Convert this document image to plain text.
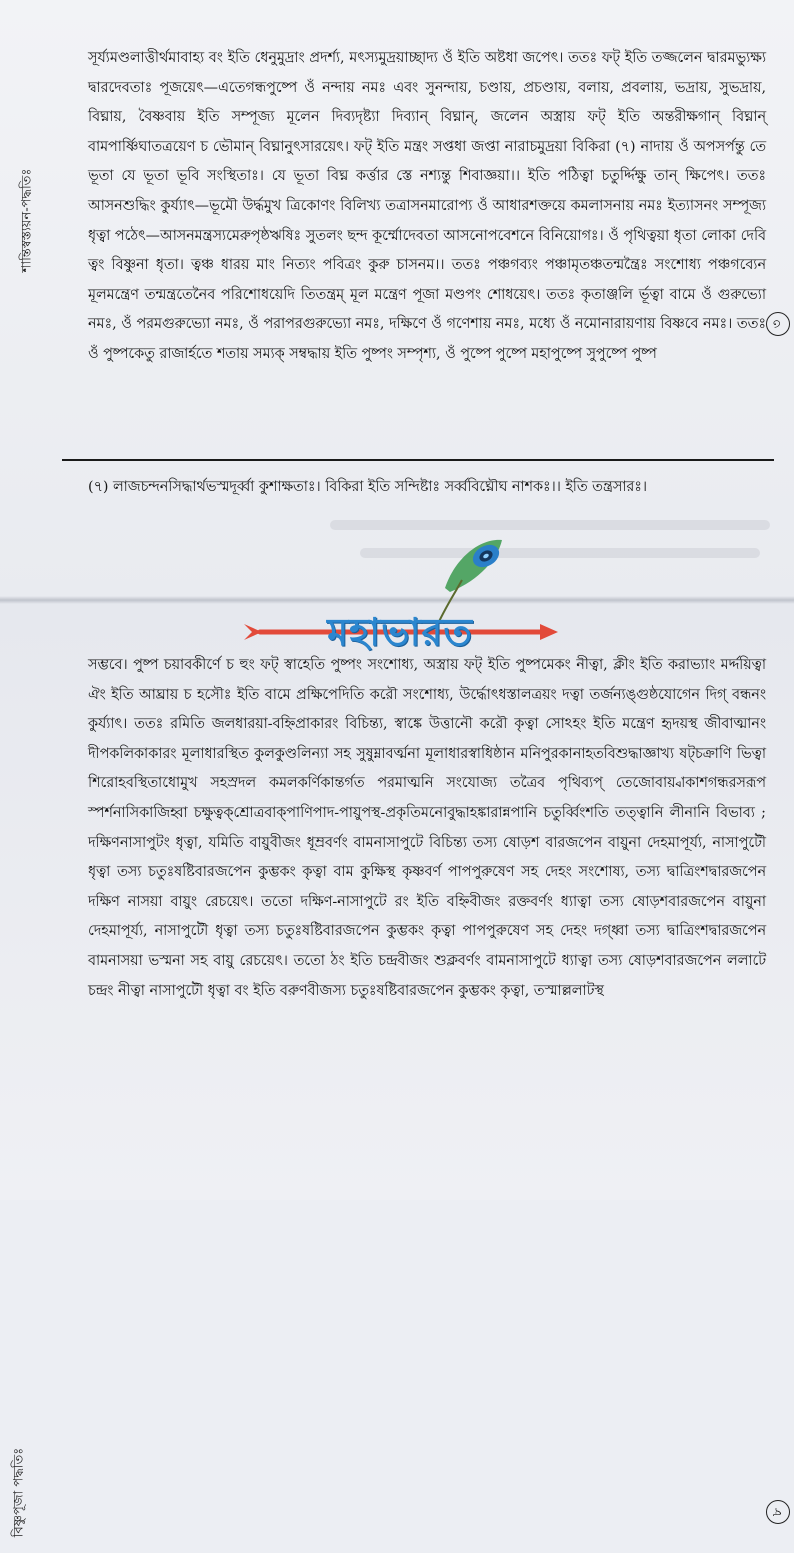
সূর্য্যমণ্ডলাত্তীর্থমাবাহ্য বং ইতি ধেনুমুদ্রাং প্রদর্শ্য, মৎস্যমুদ্রয়াচ্ছাদ্য ওঁ ইতি অষ্টধা জপেৎ। ততঃ ফট্ ইতি তজ্জলেন দ্বারমভ্যুক্ষ্য দ্বারদেবতাঃ পূজয়েৎ—এতেগন্ধপুষ্পে ওঁ নন্দায় নমঃ এবং সুনন্দায়, চণ্ডায়, প্রচণ্ডায়, বলায়, প্রবলায়, ভদ্রায়, সুভদ্রায়, বিঘ্নায়, বৈষ্ণবায় ইতি সম্পূজ্য মূলেন দিব্যদৃষ্ট্যা দিব্যান্ বিঘ্নান্, জলেন অস্ত্রায় ফট্ ইতি অন্তরীক্ষগান্ বিঘ্নান্ বামপার্ষ্ণিঘাতত্রয়েণ চ ভৌমান্ বিঘ্নানুৎসারয়েৎ। ফট্ ইতি মন্ত্রং সপ্তধা জপ্তা নারাচমুদ্রয়া বিকিরা (৭) নাদায় ওঁ অপসর্পন্তু তে ভূতা যে ভূতা ভূবি সংস্থিতাঃ। যে ভূতা বিঘ্ন কর্ত্তার স্তে নশ্যন্তু শিবাজ্ঞয়া।। ইতি পঠিত্বা চতুর্দ্দিক্ষু তান্ ক্ষিপেৎ। ততঃ আসনশুদ্ধিং কুর্য্যাৎ—ভূমৌ উর্দ্ধমুখ ত্রিকোণং বিলিখ্য তত্রাসনমারোপ্য ওঁ আধারশক্তয়ে কমলাসনায় নমঃ ইত্যাসনং সম্পূজ্য ধৃত্বা পঠেৎ—আসনমন্ত্রস্যমেরুপৃষ্ঠঋষিঃ সুতলং ছন্দ কূর্ম্মোদেবতা আসনোপবেশনে বিনিয়োগঃ। ওঁ পৃথিত্বয়া ধৃতা লোকা দেবি ত্বং বিষ্ণুনা ধৃতা। ত্বঞ্চ ধারয় মাং নিত্যং পবিত্রং কুরু চাসনম।। ততঃ পঞ্চগব্যং পঞ্চামৃতঞ্চতন্মন্ত্রৈঃ সংশোধ্য পঞ্চগব্যেন মূলমন্ত্রেণ তন্মন্ত্রতেনৈব পরিশোধয়েদি তিতন্ত্রম্ মূল মন্ত্রেণ পূজা মণ্ডপং শোধয়েৎ। ততঃ কৃতাঞ্জলি র্ভূত্বা বামে ওঁ গুরুভ্যো নমঃ, ওঁ পরমগুরুভ্যো নমঃ, ওঁ পরাপরগুরুভ্যো নমঃ, দক্ষিণে ওঁ গণেশায় নমঃ, মধ্যে ওঁ নমোনারায়ণায় বিষ্ণবে নমঃ। ততঃ ওঁ পুষ্পকেতু রাজার্হতে শতায় সম্যক্ সম্বদ্ধায় ইতি পুষ্পং সম্পৃশ্য, ওঁ পুষ্পে পুষ্পে মহাপুষ্পে সুপুষ্পে পুষ্প

শান্তিস্বস্ত্যয়ন-পদ্ধতিঃ
৩

(৭) লাজচন্দনসিদ্ধার্থভস্মদূর্ব্বা কুশাক্ষতাঃ। বিকিরা ইতি সন্দিষ্টাঃ সর্ব্ববিঘ্নৌঘ নাশকঃ।। ইতি তন্ত্রসারঃ।

বিষ্ণুপূজা পদ্ধতিঃ	৮

সম্ভবে। পুষ্প চয়াবকীর্ণে চ হুং ফট্ স্বাহেতি পুষ্পং সংশোধ্য, অস্ত্রায় ফট্ ইতি পুষ্পমেকং নীত্বা, ক্লীং ইতি করাভ্যাং মর্দ্দয়িত্বা ঐং ইতি আঘ্রায় চ হসৌঃ ইতি বামে প্রক্ষিপেদিতি করৌ সংশোধ্য, উর্দ্ধোৎধস্তালত্রয়ং দত্বা তর্জন্যঙ্গুষ্ঠযোগেন দিগ্ বন্ধনং কুর্য্যাৎ। ততঃ রমিতি জলধারয়া-বহ্নিপ্রাকারং বিচিন্ত্য, স্বাঙ্কে উত্তানৌ করৌ কৃত্বা সোঽহং ইতি মন্ত্রেণ হৃদয়স্থ জীবাত্মানং দীপকলিকাকারং মূলাধারস্থিত কুলকুণ্ডলিন্যা সহ সুষুম্নাবর্ত্মনা মূলাধারস্বাধিষ্ঠান মনিপুরকানাহতবিশুদ্ধাজ্ঞাখ্য ষট্‌চক্রাণি ভিত্বা শিরোহবস্থিতাধোমুখ সহস্রদল কমলকর্ণিকান্তর্গত পরমাত্মনি সংযোজ্য তত্রৈব পৃথিব্যপ্ তেজোবায়্বাকাশগন্ধরসরূপ স্পর্শনাসিকাজিহ্বা চক্ষুত্বক্‌শ্রোত্রবাক্‌পাণিপাদ-পায়ুপস্থ-প্রকৃতিমনোবুদ্ধাহঙ্কারান্নপানি চতুর্ব্বিংশতি তত্ত্বানি লীনানি বিভাব্য ; দক্ষিণনাসাপুটং ধৃত্বা, যমিতি বায়ুবীজং ধূম্রবর্ণং বামনাসাপুটে বিচিন্ত্য তস্য ষোড়শ বারজপেন বায়ুনা দেহমাপূর্য্য, নাসাপুটৌ ধৃত্বা তস্য চতুঃষষ্টিবারজপেন কুম্ভকং কৃত্বা বাম কুক্ষিস্থ কৃষ্ণবর্ণ পাপপুরুষেণ সহ দেহং সংশোষ্য, তস্য দ্বাত্রিংশদ্বারজপেন দক্ষিণ নাসয়া বায়ুং রেচয়েৎ। ততো দক্ষিণ-নাসাপুটে রং ইতি বহ্নিবীজং রক্তবর্ণং ধ্যাত্বা তস্য ষোড়শবারজপেন বায়ুনা দেহমাপূর্য্য, নাসাপুটৌ ধৃত্বা তস্য চতুঃষষ্টিবারজপেন কুম্ভকং কৃত্বা পাপপুরুষেণ সহ দেহং দগ্ধ্বা তস্য দ্বাত্রিংশদ্বারজপেন বামনাসয়া ভস্মনা সহ বায়ু রেচয়েৎ। ততো ঠং ইতি চন্দ্রবীজং শুক্লবর্ণং বামনাসাপুটে ধ্যাত্বা তস্য ষোড়শবারজপেন ললাটে চন্দ্রং নীত্বা নাসাপুটৌ ধৃত্বা বং ইতি বরুণবীজস্য চতুঃষষ্টিবারজপেন কুম্ভকং কৃত্বা, তস্মাল্ললাটস্থ

মহাভারত
